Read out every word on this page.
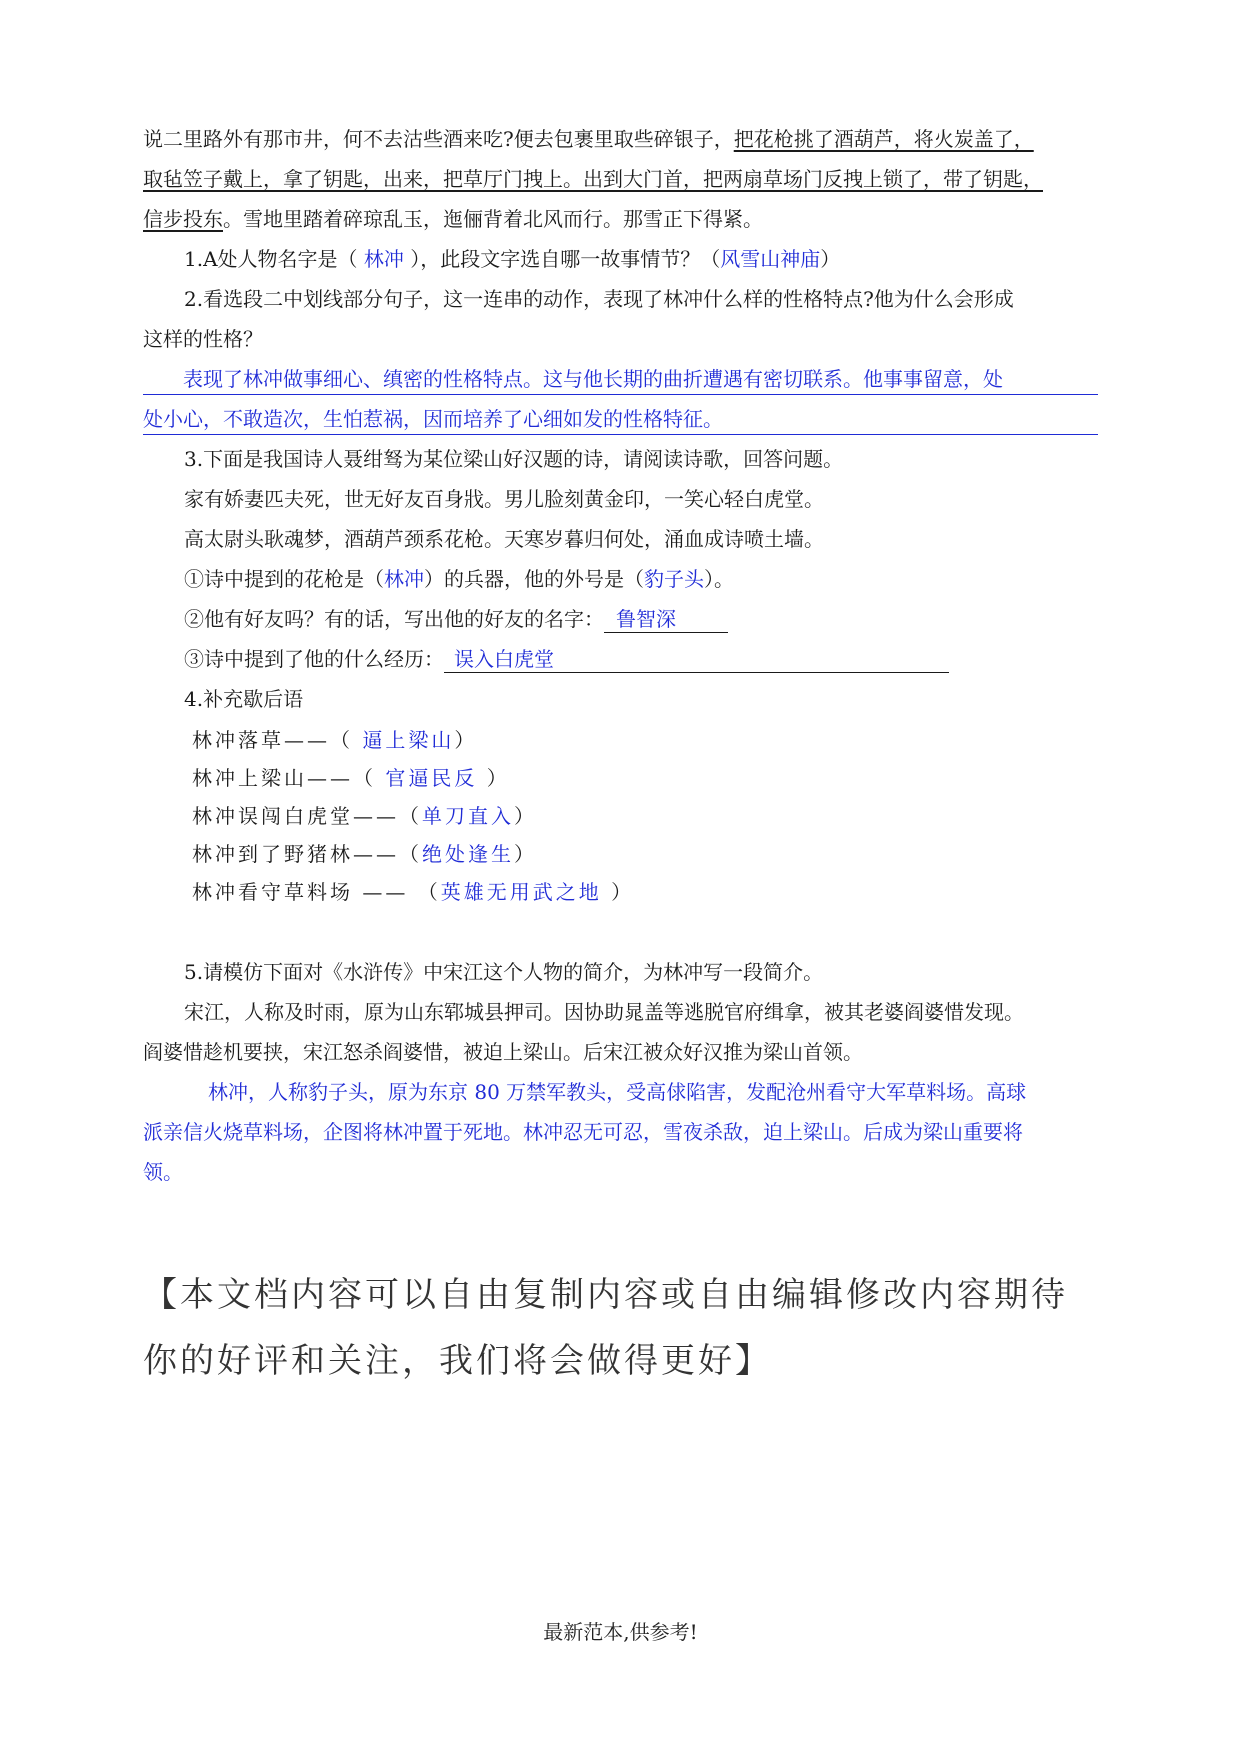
说二里路外有那市井，何不去沽些酒来吃?便去包裹里取些碎银子，把花枪挑了酒葫芦，将火炭盖了，
取毡笠子戴上，拿了钥匙，出来，把草厅门拽上。出到大门首，把两扇草场门反拽上锁了，带了钥匙，
信步投东。雪地里踏着碎琼乱玉，迤俪背着北风而行。那雪正下得紧。
1.A处人物名字是（ 林冲 ），此段文字选自哪一故事情节？（风雪山神庙）
2.看选段二中划线部分句子，这一连串的动作，表现了林冲什么样的性格特点?他为什么会形成
这样的性格？
表现了林冲做事细心、缜密的性格特点。这与他长期的曲折遭遇有密切联系。他事事留意，处
处小心，不敢造次，生怕惹祸，因而培养了心细如发的性格特征。
3.下面是我国诗人聂绀驽为某位梁山好汉题的诗，请阅读诗歌，回答问题。
家有娇妻匹夫死，世无好友百身戕。男儿脸刻黄金印，一笑心轻白虎堂。
高太尉头耿魂梦，酒葫芦颈系花枪。天寒岁暮归何处，涌血成诗喷土墙。
①诗中提到的花枪是（林冲）的兵器，他的外号是（豹子头）。
②他有好友吗？有的话，写出他的好友的名字： 鲁智深
③诗中提到了他的什么经历： 误入白虎堂
4.补充歇后语
林冲落草——（ 逼上梁山）
林冲上梁山——（ 官逼民反 ）
林冲误闯白虎堂——（单刀直入）
林冲到了野猪林——（绝处逢生）
林冲看守草料场 —— （英雄无用武之地 ）
5.请模仿下面对《水浒传》中宋江这个人物的简介，为林冲写一段简介。
宋江，人称及时雨，原为山东郓城县押司。因协助晁盖等逃脱官府缉拿，被其老婆阎婆惜发现。
阎婆惜趁机要挟，宋江怒杀阎婆惜，被迫上梁山。后宋江被众好汉推为梁山首领。
林冲，人称豹子头，原为东京 80 万禁军教头，受高俅陷害，发配沧州看守大军草料场。高球
派亲信火烧草料场，企图将林冲置于死地。林冲忍无可忍，雪夜杀敌，迫上梁山。后成为梁山重要将
领。
【本文档内容可以自由复制内容或自由编辑修改内容期待你的好评和关注，我们将会做得更好】
最新范本,供参考!
